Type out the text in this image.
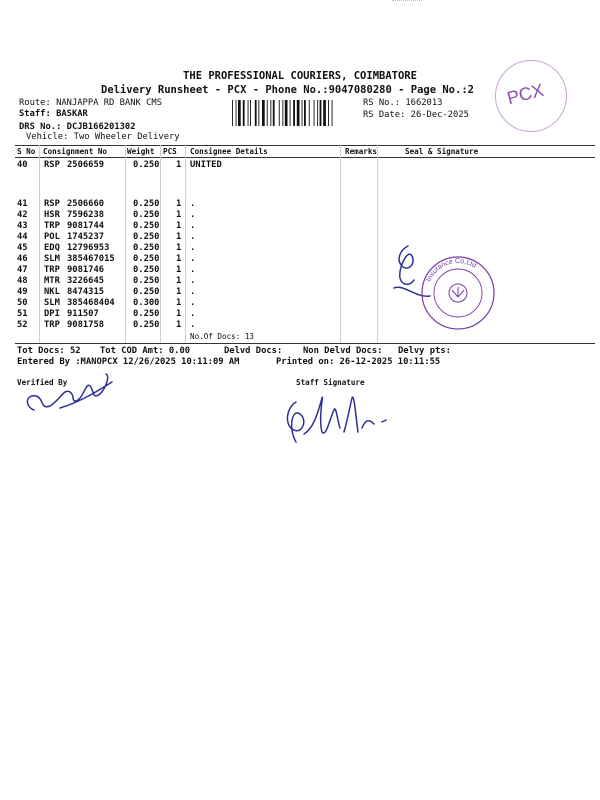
THE PROFESSIONAL COURIERS, COIMBATORE
Delivery Runsheet - PCX - Phone No.:9047080280 - Page No.:2
Route: NANJAPPA RD BANK CMS
Staff: BASKAR
DRS No.: DCJB166201302
Vehicle: Two Wheeler Delivery
RS No.: 1662013
RS Date: 26-Dec-2025
PCX
S No Consignment No	Weight PCS Consignee Details	Remarks	Seal & Signature
40 RSP 2506659	0.250 1 UNITED
41 RSP 2506660	0.250 1 .
42 HSR 7596238	0.250 1 .
43 TRP 9081744	0.250 1 .
44 POL 1745237	0.250 1 .
45 EDQ 12796953	0.250 1 .
46 SLM 385467015 0.250 1 .
47 TRP 9081746	0.250 1 .
48 MTR 3226645	0.250 1 .
49 NKL 8474315	0.250 1 .
50 SLM 385468404 0.300 1 .
51 DPI 911507	0.250 1 .
52 TRP 9081758	0.250 1 .
No.Of Docs: 13
Tot Docs: 52 Tot COD Amt: 0.00	Delvd Docs: Non Delvd Docs: Delvy pts:
Entered By :MANOPCX 12/26/2025 10:11:09 AM	Printed on: 26-12-2025 10:11:55
Verified By	Staff Signature
Insurance Co.Ltd
